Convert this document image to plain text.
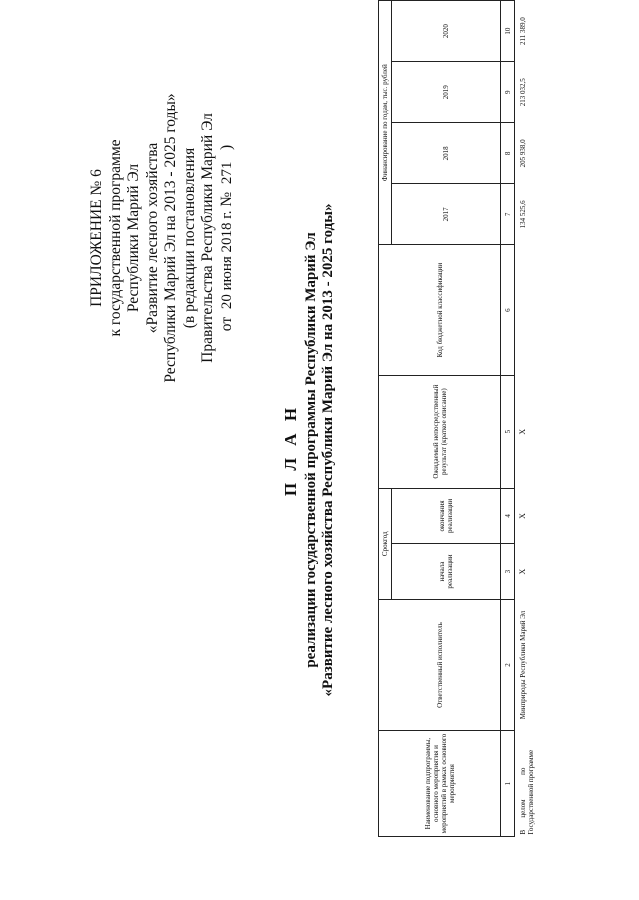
ПРИЛОЖЕНИЕ № 6 к государственной программе Республики Марий Эл «Развитие лесного хозяйства Республики Марий Эл на 2013 - 2025 годы» (в редакции постановления Правительства Республики Марий Эл от  20 июня 2018 г. №  271   )
П Л А Н реализации государственной программы Республики Марий Эл «Развитие лесного хозяйства Республики Марий Эл на 2013 - 2025 годы»
Наименование подпрограммы, основного мероприятия и мероприятий в рамках основного мероприятия	Ответственный исполнитель	Срокгод		Ожидаемый непосредственный результат (краткое описание)	Код бюджетной классификации	Финансирование по годам, тыс. рублей			
		начала реализации	окончания реализации			2017	2018	2019	2020

1	2	3	4	5	6	7	8	9	10
В       целом              по
Государственной программе	Минприроды Республики Марий Эл	X	X	X		134 525,6	205 938,0	213 032,5	211 389,0
